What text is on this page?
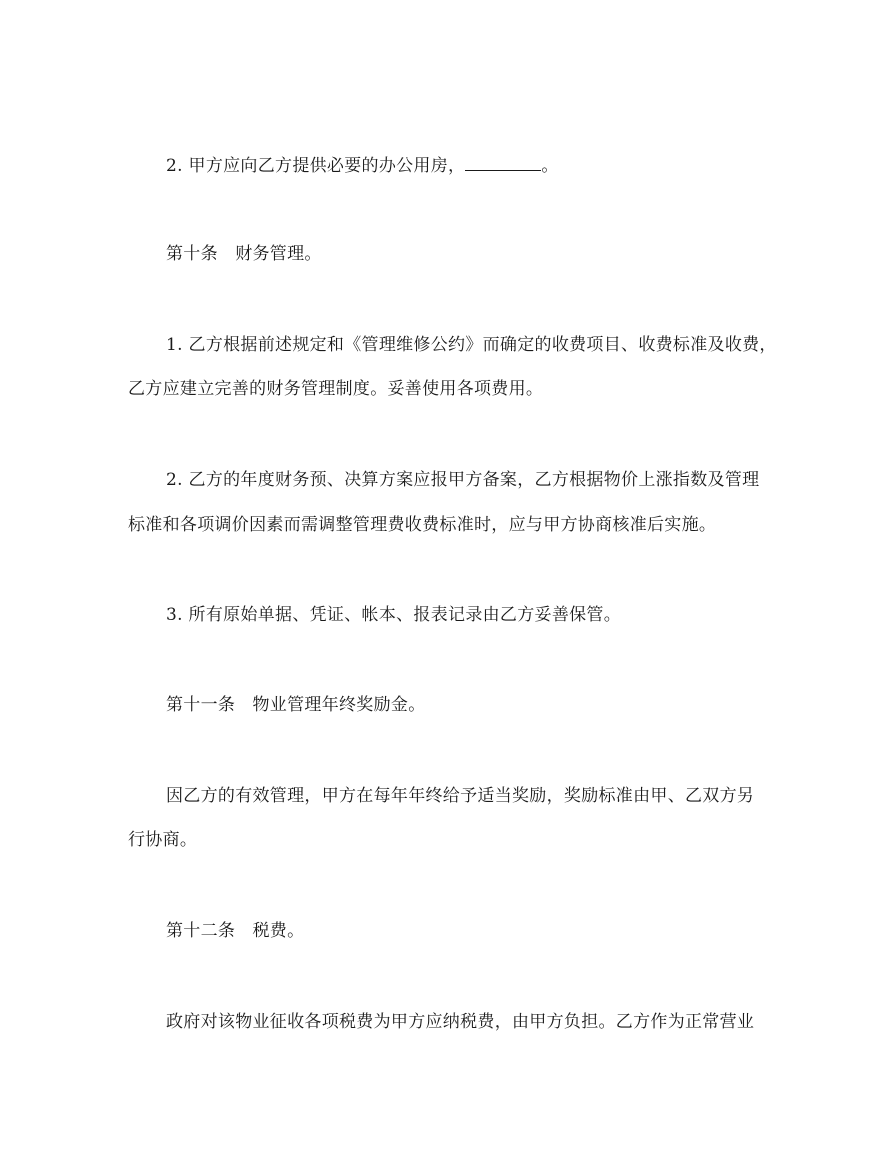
2. 甲方应向乙方提供必要的办公用房，	。

第十条　财务管理。

1. 乙方根据前述规定和《管理维修公约》而确定的收费项目、收费标准及收费，

乙方应建立完善的财务管理制度。妥善使用各项费用。

2. 乙方的年度财务预、决算方案应报甲方备案，乙方根据物价上涨指数及管理

标准和各项调价因素而需调整管理费收费标准时，应与甲方协商核准后实施。

3. 所有原始单据、凭证、帐本、报表记录由乙方妥善保管。

第十一条　物业管理年终奖励金。

因乙方的有效管理，甲方在每年年终给予适当奖励，奖励标准由甲、乙双方另

行协商。

第十二条　税费。

政府对该物业征收各项税费为甲方应纳税费，由甲方负担。乙方作为正常营业
